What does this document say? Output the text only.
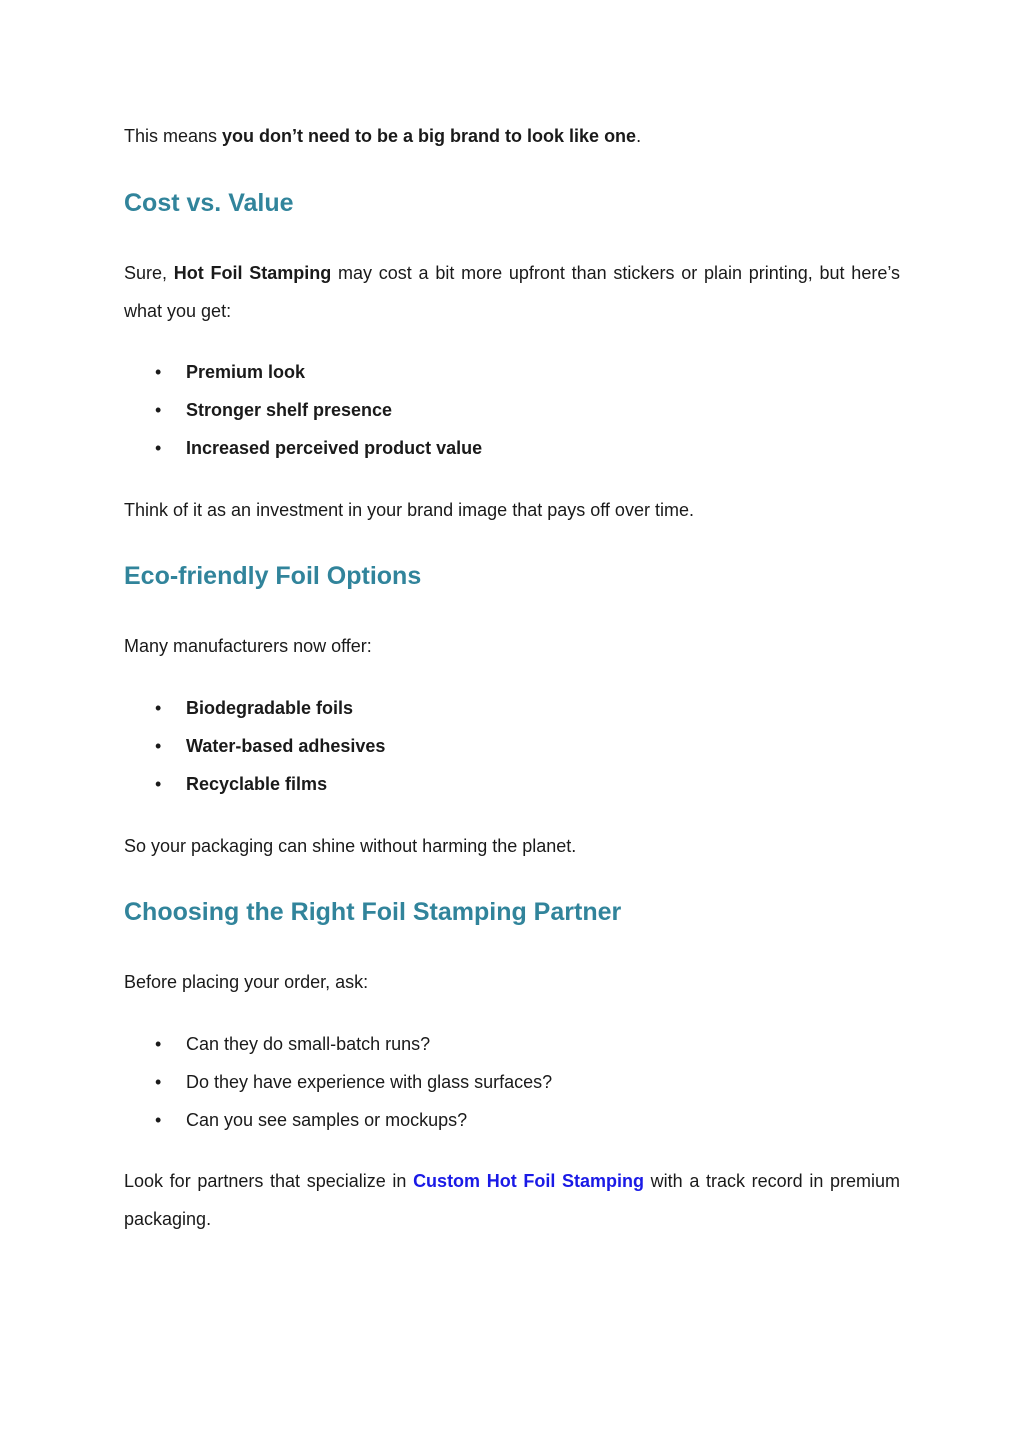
This means you don’t need to be a big brand to look like one.

Cost vs. Value

Sure, Hot Foil Stamping may cost a bit more upfront than stickers or plain printing, but here’s what you get:

• Premium look
• Stronger shelf presence
• Increased perceived product value

Think of it as an investment in your brand image that pays off over time.

Eco-friendly Foil Options

Many manufacturers now offer:

• Biodegradable foils
• Water-based adhesives
• Recyclable films

So your packaging can shine without harming the planet.

Choosing the Right Foil Stamping Partner

Before placing your order, ask:

• Can they do small-batch runs?
• Do they have experience with glass surfaces?
• Can you see samples or mockups?

Look for partners that specialize in Custom Hot Foil Stamping with a track record in premium packaging.
